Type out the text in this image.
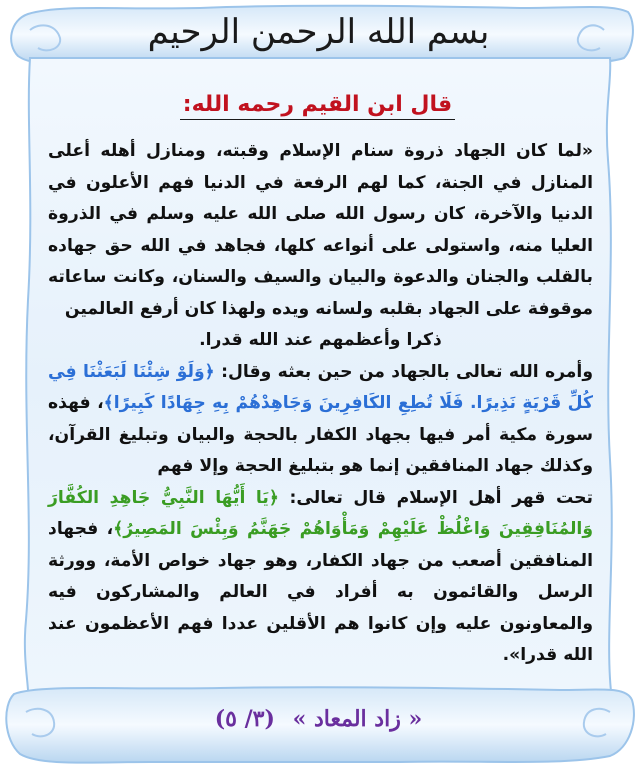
بسم الله الرحمن الرحيم
قال ابن القيم رحمه الله:

«لما كان الجهاد ذروة سنام الإسلام وقبته، ومنازل أهله أعلى المنازل في الجنة، كما لهم الرفعة في الدنيا فهم الأعلون في الدنيا والآخرة، كان رسول الله صلى الله عليه وسلم في الذروة العليا منه، واستولى على أنواعه كلها، فجاهد في الله حق جهاده بالقلب والجنان والدعوة والبيان والسيف والسنان، وكانت ساعاته موقوفة على الجهاد بقلبه ولسانه ويده ولهذا كان أرفع العالمين

ذكرا وأعظمهم عند الله قدرا.

وأمره الله تعالى بالجهاد من حين بعثه وقال: ﴿وَلَوْ شِئْنَا لَبَعَثْنَا فِي كُلِّ قَرْيَةٍ نَذِيرًا. فَلَا تُطِعِ الكَافِرِينَ وَجَاهِدْهُمْ بِهِ جِهَادًا كَبِيرًا﴾، فهذه سورة مكية أمر فيها بجهاد الكفار بالحجة والبيان وتبليغ القرآن، وكذلك جهاد المنافقين إنما هو بتبليغ الحجة وإلا فهم

تحت قهر أهل الإسلام قال تعالى: ﴿يَا أَيُّهَا النَّبِيُّ جَاهِدِ الكُفَّارَ وَالمُنَافِقِينَ وَاغْلُظْ عَلَيْهِمْ وَمَأْوَاهُمْ جَهَنَّمُ وَبِئْسَ المَصِيرُ﴾، فجهاد المنافقين أصعب من جهاد الكفار، وهو جهاد خواص الأمة، وورثة الرسل والقائمون به أفراد في العالم والمشاركون فيه والمعاونون عليه وإن كانوا هم الأقلين عددا فهم الأعظمون عند الله قدرا».

« زاد المعاد » (٣/ ٥)
